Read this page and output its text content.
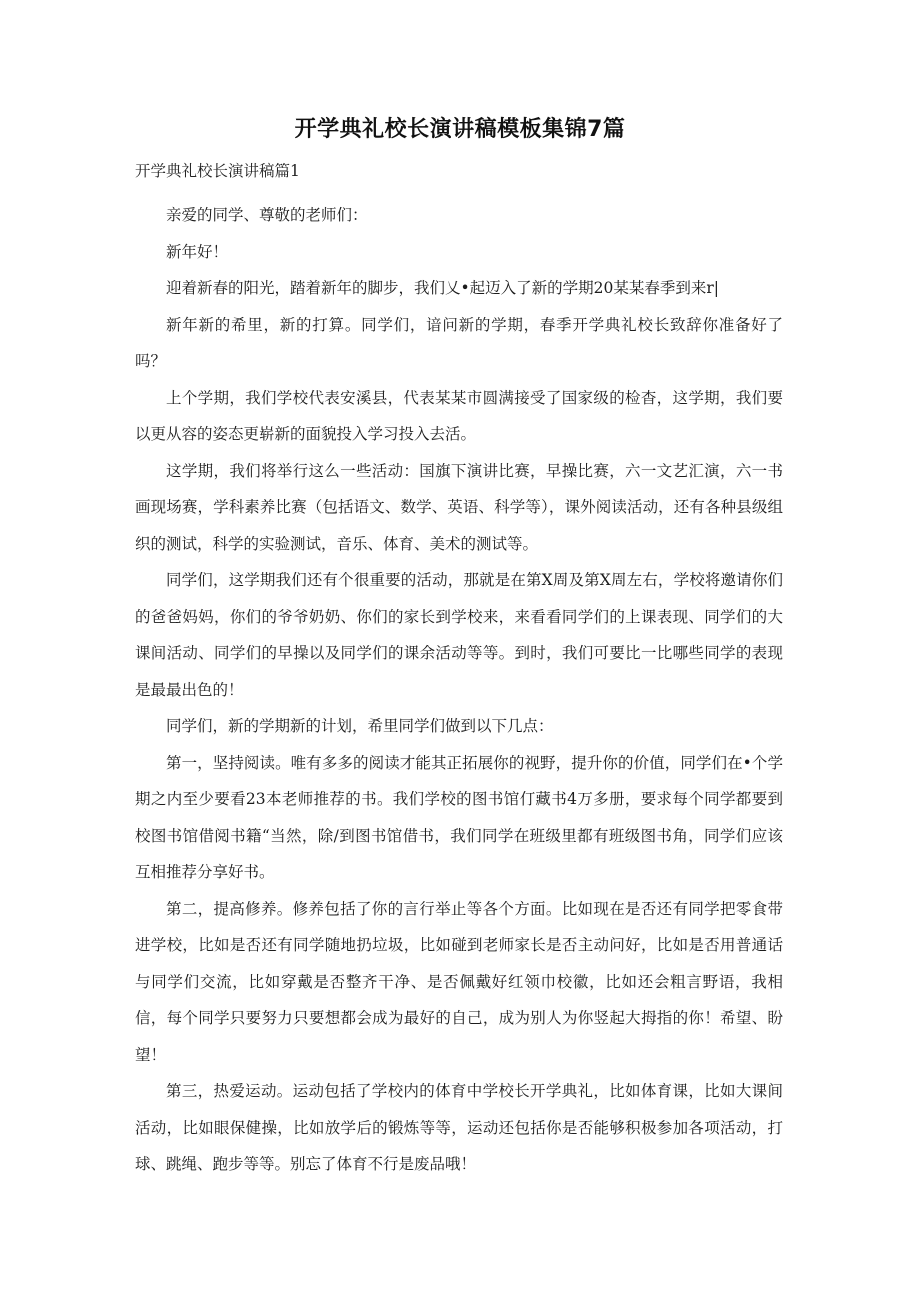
开学典礼校长演讲稿模板集锦7篇
开学典礼校长演讲稿篇1

亲爱的同学、尊敬的老师们：

新年好！

迎着新春的阳光，踏着新年的脚步，我们乂•起迈入了新的学期20某某春季到来r|

新年新的希里，新的打算。同学们，谙问新的学期，春季开学典礼校长致辞你准备好了吗？

上个学期，我们学校代表安溪县，代表某某市圆满接受了国家级的检杳，这学期，我们要以更从容的姿态更崭新的面貌投入学习投入去活。

这学期，我们将举行这么一些活动：国旗下演讲比赛，早操比赛，六一文艺汇演，六一书画现场赛，学科素养比赛（包括语文、数学、英语、科学等），课外阅读活动，还有各种县级组织的测试，科学的实验测试，音乐、体育、美术的测试等。

同学们，这学期我们还有个很重要的活动，那就是在第X周及第X周左右，学校将邀请你们的爸爸妈妈，你们的爷爷奶奶、你们的家长到学校来，来看看同学们的上课表现、同学们的大课间活动、同学们的早操以及同学们的课余活动等等。到时，我们可要比一比哪些同学的表现是最最出色的！

同学们，新的学期新的计划，希里同学们做到以下几点：

第一，坚持阅读。唯有多多的阅读才能其正拓展你的视野，提升你的价值，同学们在•个学期之内至少要看23本老师推荐的书。我们学校的图书馆仃藏书4万多册，要求每个同学都要到校图书馆借阅书籍“当然，除/到图书馆借书，我们同学在班级里都有班级图书角，同学们应该互相推荐分享好书。

第二，提高修养。修养包括了你的言行举止等各个方面。比如现在是否还有同学把零食带进学校，比如是否还有同学随地扔垃圾，比如碰到老师家长是否主动问好，比如是否用普通话与同学们交流，比如穿戴是否整齐干净、是否佩戴好红领巾校徽，比如还会粗言野语，我相信，每个同学只要努力只要想都会成为最好的自己，成为别人为你竖起大拇指的你！希望、盼望！

第三，热爱运动。运动包括了学校内的体育中学校长开学典礼，比如体育课，比如大课间活动，比如眼保健操，比如放学后的锻炼等等，运动还包括你是否能够积极参加各项活动，打球、跳绳、跑步等等。别忘了体育不行是废品哦！
